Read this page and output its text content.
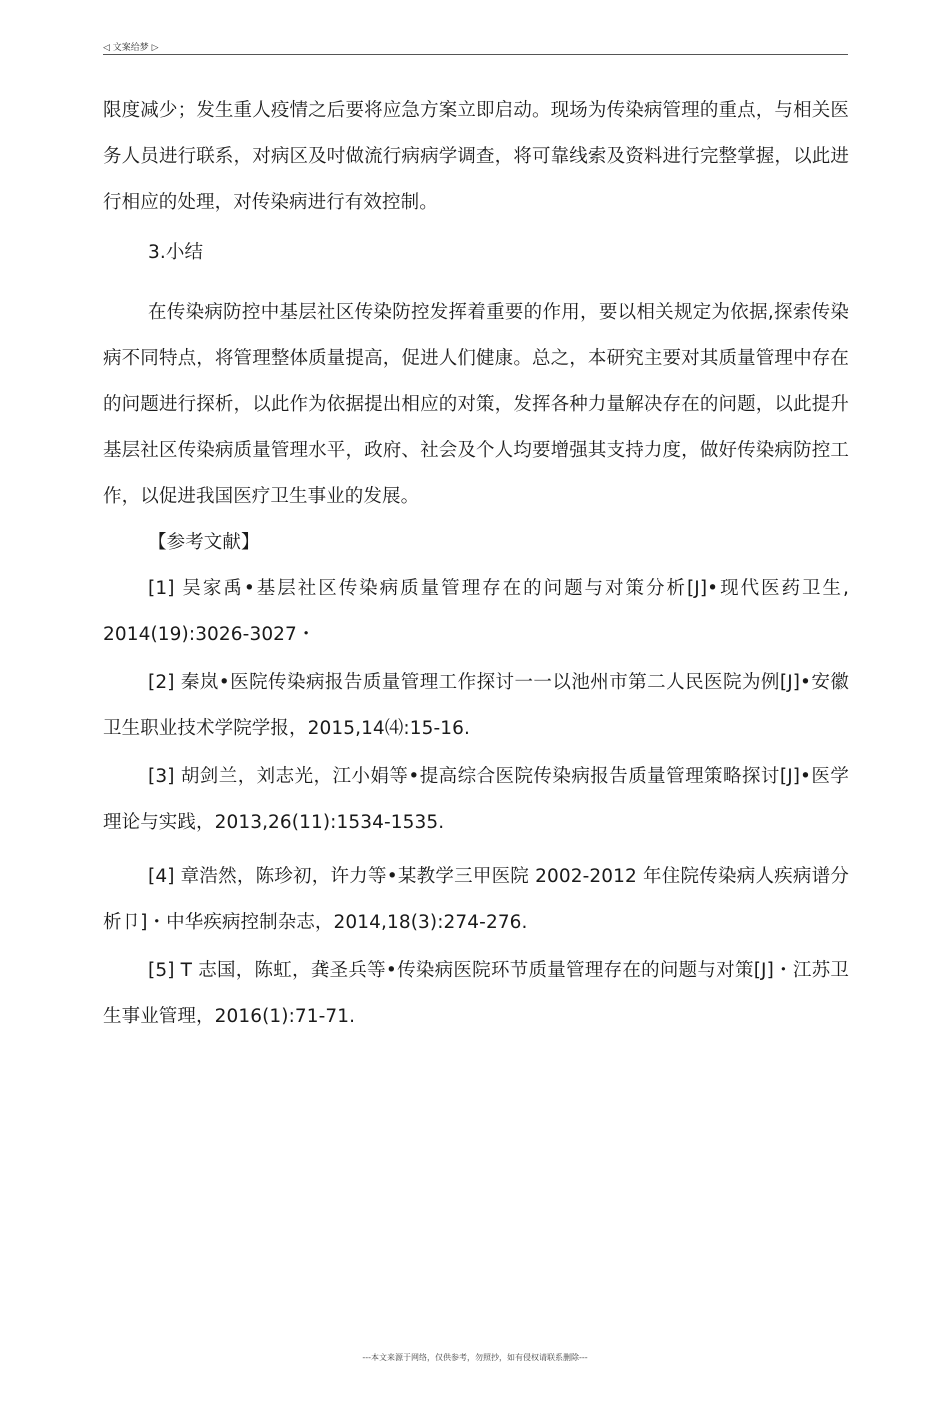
◁ 文案给梦 ▷

限度减少；发生重人疫情之后要将应急方案立即启动。现场为传染病管理的重点，与相关医务人员进行联系，对病区及吋做流行病病学调查，将可靠线索及资料进行完整掌握，以此进行相应的处理，对传染病进行有效控制。

3.小结

在传染病防控中基层社区传染防控发挥着重要的作用，要以相关规定为依据,探索传染病不同特点，将管理整体质量提高，促进人们健康。总之，本研究主要对其质量管理中存在的问题进行探析，以此作为依据提出相应的对策，发挥各种力量解决存在的问题，以此提升基层社区传染病质量管理水平，政府、社会及个人均要增强其支持力度，做好传染病防控工作，以促进我国医疗卫生事业的发展。

【参考文献】

[1] 吴家禹•基层社区传染病质量管理存在的问题与对策分析[J]•现代医药卫生, 2014(19):3026-3027・

[2] 秦岚•医院传染病报告质量管理工作探讨一一以池州市第二人民医院为例[J]•安徽卫生职业技术学院学报，2015,14⑷:15-16.

[3] 胡剑兰，刘志光，江小娟等•提高综合医院传染病报告质量管理策略探讨[J]•医学理论与实践，2013,26(11):1534-1535.

[4] 章浩然，陈珍初，许力等•某教学三甲医院 2002-2012 年住院传染病人疾病谱分析卩]・中华疾病控制杂志，2014,18(3):274-276.

[5] T 志国，陈虹，龚圣兵等•传染病医院环节质量管理存在的问题与对策[J]・江苏卫生事业管理，2016(1):71-71.

---本文来源于网络，仅供参考，勿照抄，如有侵权请联系删除---
